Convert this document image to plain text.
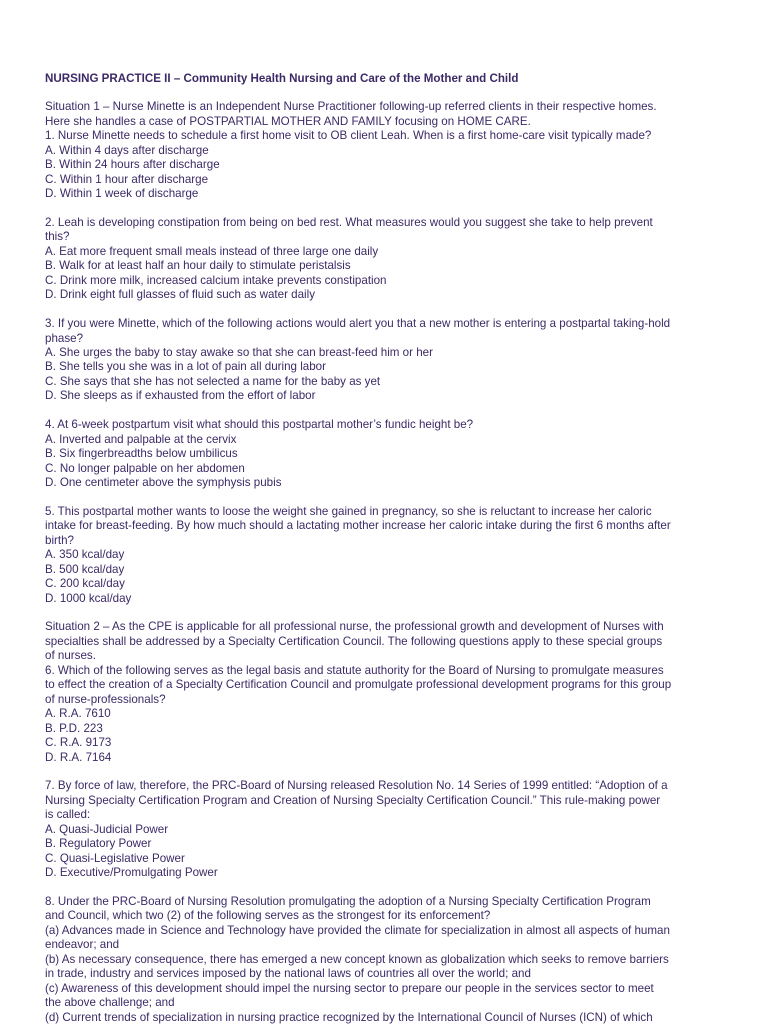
NURSING PRACTICE II – Community Health Nursing and Care of the Mother and Child
Situation 1 – Nurse Minette is an Independent Nurse Practitioner following-up referred clients in their respective homes.
Here she handles a case of POSTPARTIAL MOTHER AND FAMILY focusing on HOME CARE.
1. Nurse Minette needs to schedule a first home visit to OB client Leah. When is a first home-care visit typically made?
A. Within 4 days after discharge
B. Within 24 hours after discharge
C. Within 1 hour after discharge
D. Within 1 week of discharge
2. Leah is developing constipation from being on bed rest. What measures would you suggest she take to help prevent
this?
A. Eat more frequent small meals instead of three large one daily
B. Walk for at least half an hour daily to stimulate peristalsis
C. Drink more milk, increased calcium intake prevents constipation
D. Drink eight full glasses of fluid such as water daily
3. If you were Minette, which of the following actions would alert you that a new mother is entering a postpartal taking-hold
phase?
A. She urges the baby to stay awake so that she can breast-feed him or her
B. She tells you she was in a lot of pain all during labor
C. She says that she has not selected a name for the baby as yet
D. She sleeps as if exhausted from the effort of labor
4. At 6-week postpartum visit what should this postpartal mother’s fundic height be?
A. Inverted and palpable at the cervix
B. Six fingerbreadths below umbilicus
C. No longer palpable on her abdomen
D. One centimeter above the symphysis pubis
5. This postpartal mother wants to loose the weight she gained in pregnancy, so she is reluctant to increase her caloric
intake for breast-feeding. By how much should a lactating mother increase her caloric intake during the first 6 months after
birth?
A. 350 kcal/day
B. 500 kcal/day
C. 200 kcal/day
D. 1000 kcal/day
Situation 2 – As the CPE is applicable for all professional nurse, the professional growth and development of Nurses with
specialties shall be addressed by a Specialty Certification Council. The following questions apply to these special groups
of nurses.
6. Which of the following serves as the legal basis and statute authority for the Board of Nursing to promulgate measures
to effect the creation of a Specialty Certification Council and promulgate professional development programs for this group
of nurse-professionals?
A. R.A. 7610
B. P.D. 223
C. R.A. 9173
D. R.A. 7164
7. By force of law, therefore, the PRC-Board of Nursing released Resolution No. 14 Series of 1999 entitled: “Adoption of a
Nursing Specialty Certification Program and Creation of Nursing Specialty Certification Council.” This rule-making power
is called:
A. Quasi-Judicial Power
B. Regulatory Power
C. Quasi-Legislative Power
D. Executive/Promulgating Power
8. Under the PRC-Board of Nursing Resolution promulgating the adoption of a Nursing Specialty Certification Program
and Council, which two (2) of the following serves as the strongest for its enforcement?
(a) Advances made in Science and Technology have provided the climate for specialization in almost all aspects of human
endeavor; and
(b) As necessary consequence, there has emerged a new concept known as globalization which seeks to remove barriers
in trade, industry and services imposed by the national laws of countries all over the world; and
(c) Awareness of this development should impel the nursing sector to prepare our people in the services sector to meet
the above challenge; and
(d) Current trends of specialization in nursing practice recognized by the International Council of Nurses (ICN) of which
